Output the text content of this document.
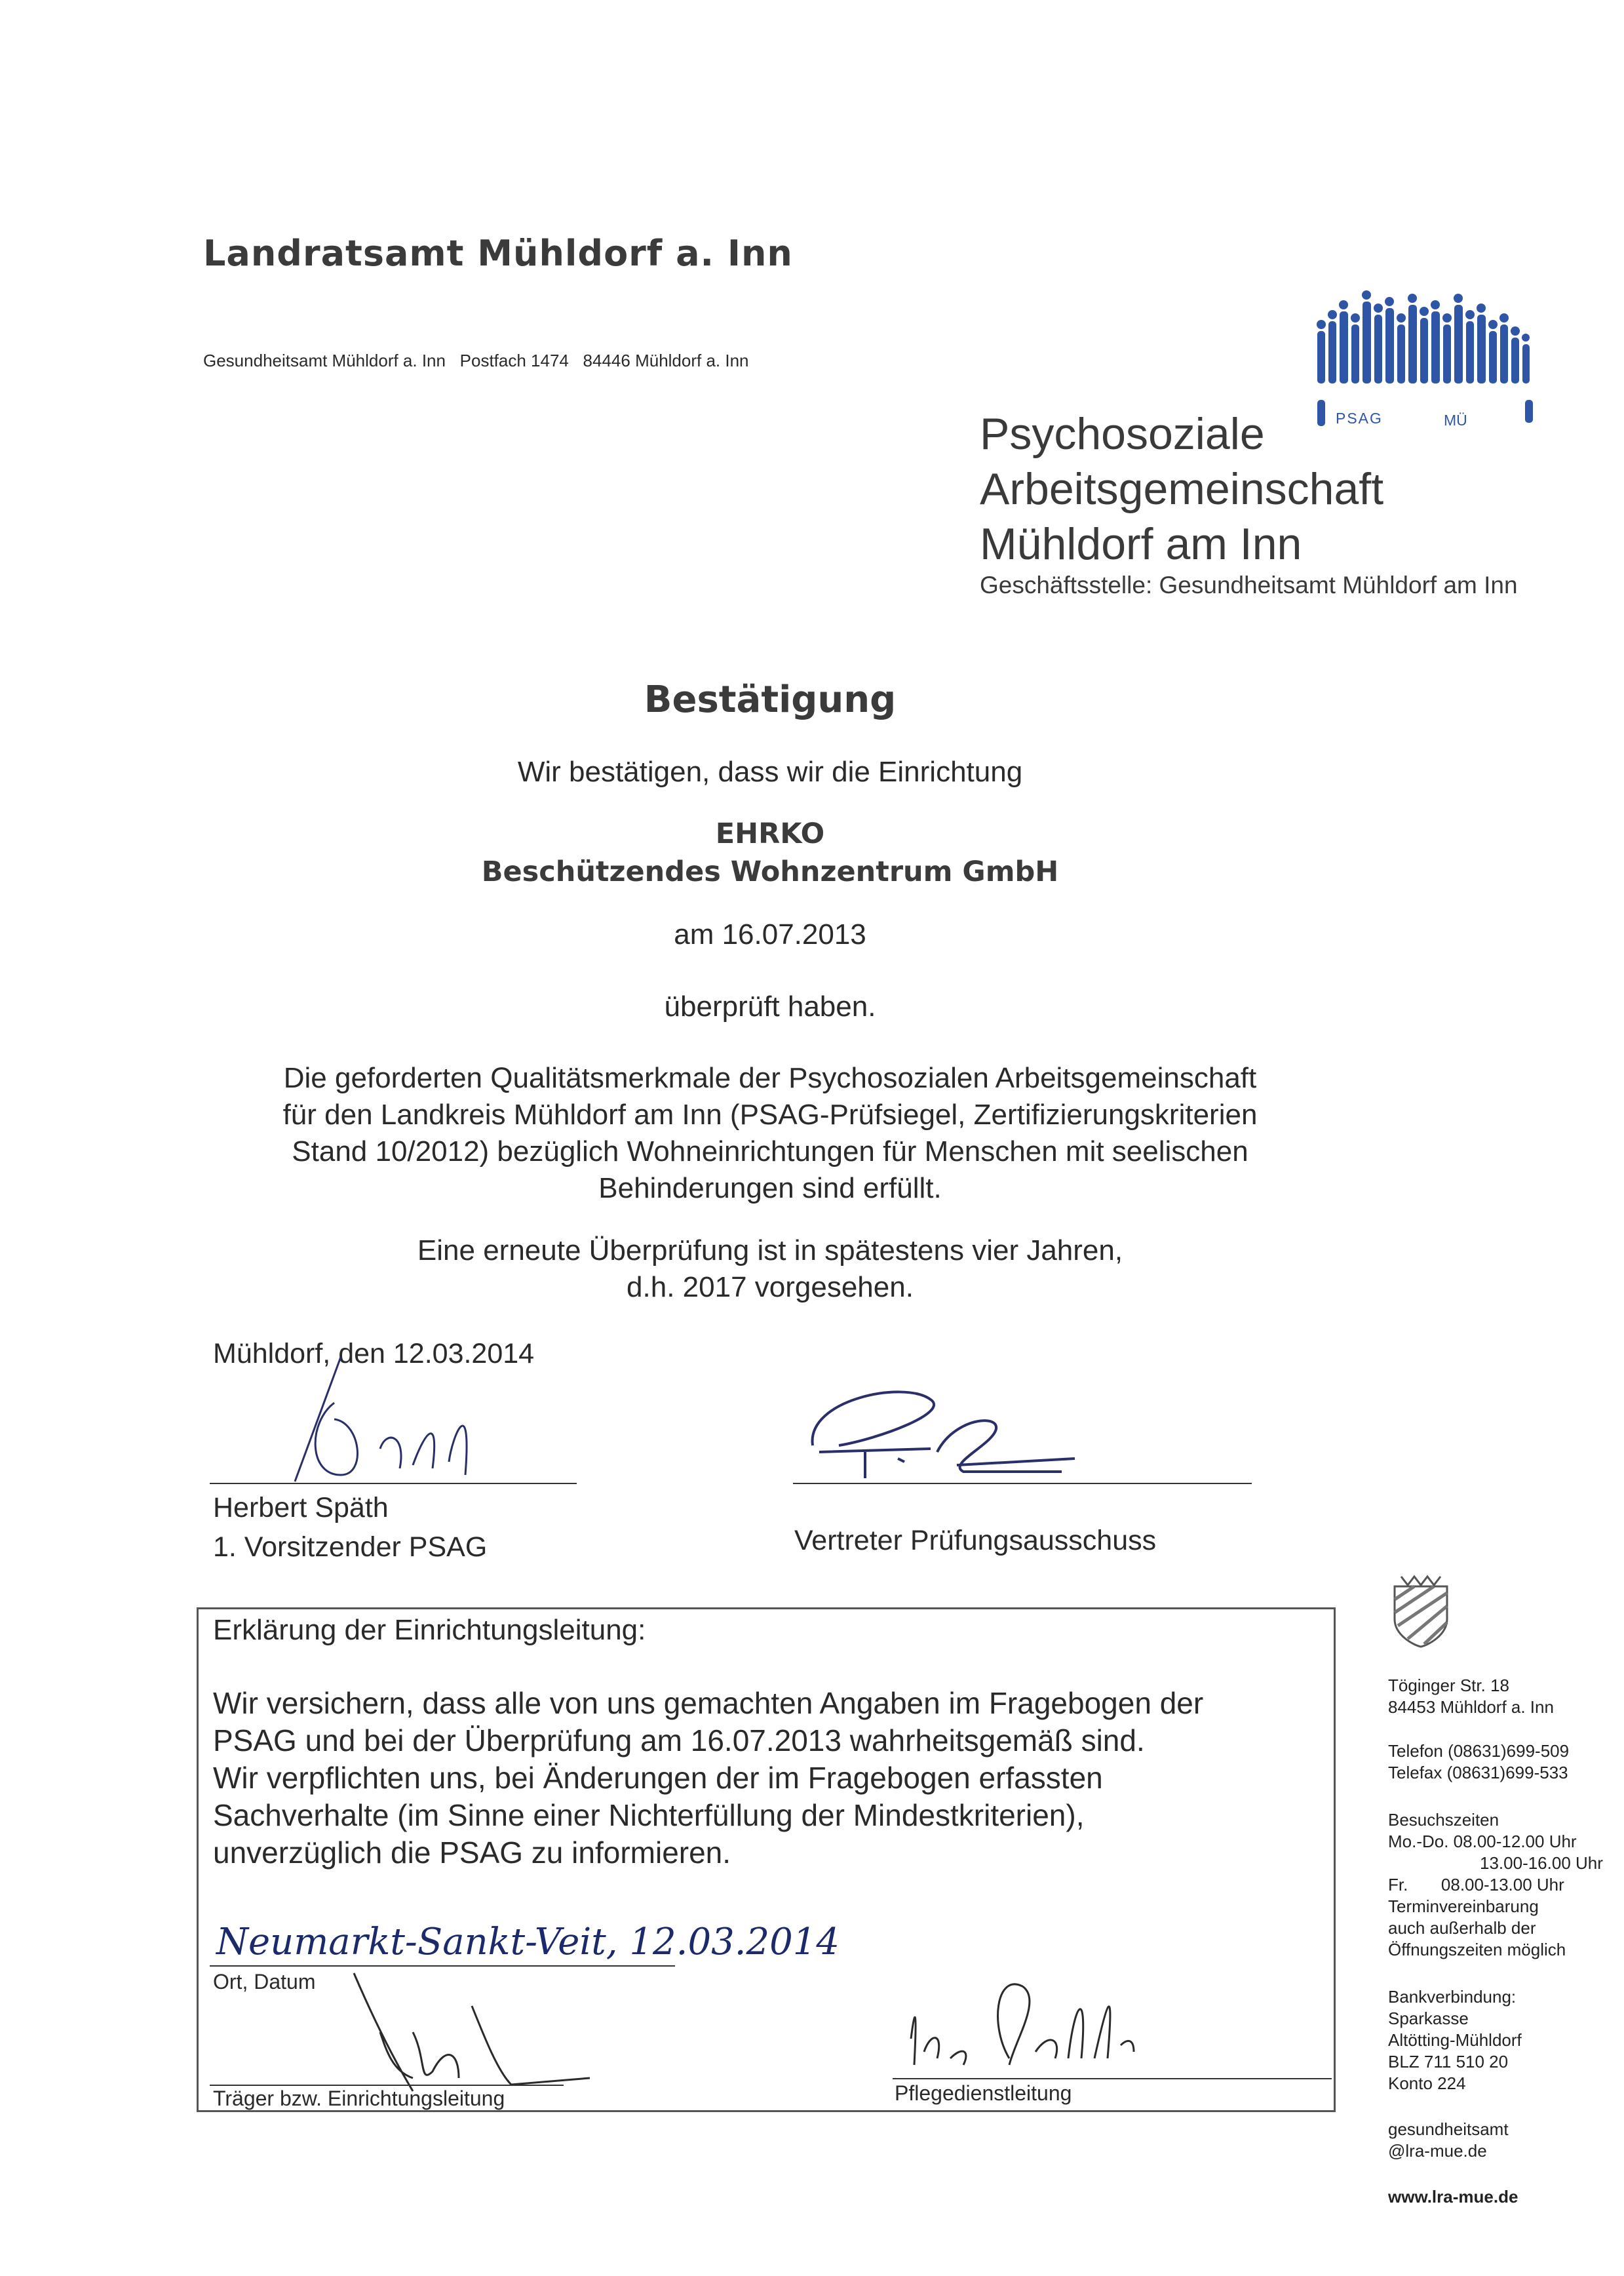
Landratsamt Mühldorf a. Inn
Gesundheitsamt Mühldorf a. Inn   Postfach 1474   84446 Mühldorf a. Inn
PSAG	MÜ
Psychosoziale
Arbeitsgemeinschaft
Mühldorf am Inn
Geschäftsstelle: Gesundheitsamt Mühldorf am Inn
Bestätigung
Wir bestätigen, dass wir die Einrichtung
EHRKO
Beschützendes Wohnzentrum GmbH
am 16.07.2013
überprüft haben.
Die geforderten Qualitätsmerkmale der Psychosozialen Arbeitsgemeinschaft
für den Landkreis Mühldorf am Inn (PSAG-Prüfsiegel, Zertifizierungskriterien
Stand 10/2012) bezüglich Wohneinrichtungen für Menschen mit seelischen
Behinderungen sind erfüllt.
Eine erneute Überprüfung ist in spätestens vier Jahren,
d.h. 2017 vorgesehen.
Mühldorf, den 12.03.2014
Herbert Späth
1. Vorsitzender PSAG	Vertreter Prüfungsausschuss
Erklärung der Einrichtungsleitung:
Wir versichern, dass alle von uns gemachten Angaben im Fragebogen der
PSAG und bei der Überprüfung am 16.07.2013 wahrheitsgemäß sind.
Wir verpflichten uns, bei Änderungen der im Fragebogen erfassten
Sachverhalte (im Sinne einer Nichterfüllung der Mindestkriterien),
unverzüglich die PSAG zu informieren.
Neumarkt-Sankt-Veit, 12.03.2014
Ort, Datum
Träger bzw. Einrichtungsleitung	Pflegedienstleitung
Töginger Str. 18
84453 Mühldorf a. Inn
Telefon (08631)699-509
Telefax (08631)699-533
Besuchszeiten
Mo.-Do. 08.00-12.00 Uhr
13.00-16.00 Uhr
Fr.       08.00-13.00 Uhr
Terminvereinbarung
auch außerhalb der
Öffnungszeiten möglich
Bankverbindung:
Sparkasse
Altötting-Mühldorf
BLZ 711 510 20
Konto 224
gesundheitsamt
@lra-mue.de
www.lra-mue.de
